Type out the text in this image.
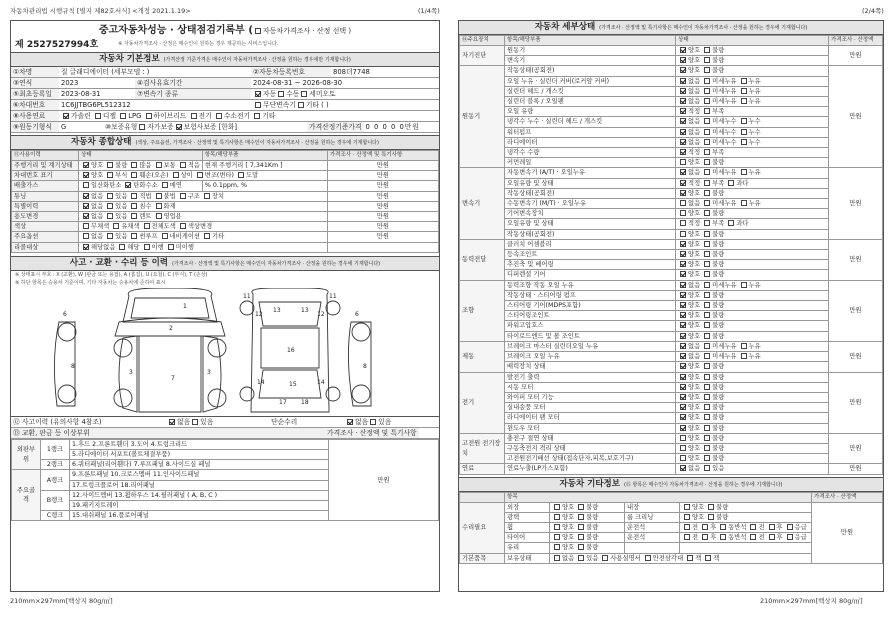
자동차관리법 시행규칙 [별지 제82호서식] <개정 2021.1.19>	(1/4쪽)	(2/4쪽)
중고자동차성능 · 상태점검기록부 ( 자동차가격조사 · 산정 선택 )
제 2527527994호	※ 자동차가격조사 · 산정은 매수인이 원하는 경우 제공하는 서비스입니다.
자동차 기본정보 (가격산정 기준가격은 매수인이 자동차가격조사 · 산정을 원하는 경우에만 기재합니다)
①차명	질 글래디에이터 (세부모델 : )	②자동차등록번호	808더7748
③연식	2023	④검사유효기간	2024-08-31 ~ 2026-08-30
⑤최초등록일	2023-08-31	⑦변속기 종류	자동 수동 세미오토
⑥차대번호	1C6JJTBG6PL512312	무단변속기 기타 ( )
⑧사용연료	가솔린 디젤 LPG 하이브리드 전기 수소전기 기타
⑨원동기형식	G	⑩보증유형 자가보증 보험사보증 [한화]	가격산정기준가격 0 0 0 0 0만원
자동차 종합상태 (색상, 주요옵션, 가격조사 · 산정액 및 특기사항은 매수인이 자동차가격조사 · 산정을 원하는 경우에 기재합니다)
⑪사용이력	상태	항목/해당부품	가격조사 · 산정액 및 특기사항
주행거리 및 계기상태	양호 불량 많음 보통 적음	현재 주행거리 [ 7,341Km ]	만원
차대번호 표기	양호 부식 훼손(오손) 상이 변조(변타) 도말		만원
배출가스	일산화탄소 탄화수소 매연	% 0.1ppm, %	만원
튜닝	없음 있음 적법 불법 구조 장치		만원
특별이력	없음 있음 침수 화재		만원
용도변경	없음 있음 렌트 영업용		만원
색상	무채색 유채색 전체도색 색상변경		만원
주요옵션	없음 있음 썬루프 네비게이션 기타		만원
리콜대상	해당없음 해당 이행 미이행		
사고 · 교환 · 수리 등 이력 (가격조사 · 산정액 및 특기사항은 매수인이 자동차가격조사 · 산정을 원하는 경우에 기재합니다)
※ 상태표시 부호 : X (교환), W (판금 또는 용접), A (흠집), U (요철), C (부식), T (손상)
※ 하단 항목은 승용차 기준이며, 기타 자동차는 승용차에 준하여 표시
1
2
7
3	3
11	11
12	12
13	13
16
15
17 18
14	14
8
8
6
6
⑫ 사고이력 (유의사항 4참조)	없음 있음	단순수리	없음 있음
⑬ 교환, 판금 등 이상부위	가격조사 · 산정액 및 특기사항
외판부위	1랭크	1.후드 2.프론트휀더 3.도어 4.트렁크리드	만원
		5.라디에이터 서포트(볼트체결부품)	
	2랭크	6.쿼터패널(리어휀다) 7.루프패널 8.사이드실 패널	
주요골격	A랭크	9.프론트패널 10.크로스멤버 11.인사이드패널	
		17.트렁크플로어 18.리어패널	
	B랭크	12.사이드멤버 13.휠하우스 14.필러패널 ( A, B, C )	
		19.패키지트레이	
	C랭크	15.대쉬패널 16.플로어패널	
자동차 세부상태 (가격조사 · 산정액 및 특기사항은 매수인이 자동차가격조사 · 산정을 원하는 경우에 기재합니다)
⑭주요장치	항목/해당부품	상태	가격조사 · 산정액
자기진단	원동기	양호 불량	만원
	변속기	양호 불량	
원동기	작동상태(공회전)	양호 불량	만원
	오일 누유 · 실린더 커버(로커암 커버)	없음 미세누유 누유	
	실린더 헤드 / 개스킷	없음 미세누유 누유	
	실린더 블록 / 오일팬	없음 미세누유 누유	
	오일 유량	적정 부족	
	냉각수 누수 · 실린더 헤드 / 개스킷	없음 미세누수 누수	
	워터펌프	없음 미세누수 누수	
	라디에이터	없음 미세누수 누수	
	냉각수 수량	적정 부족	
	커먼레일	양호 불량	
변속기	자동변속기 (A/T) · 오일누유	없음 미세누유 누유	만원
	오일유량 및 상태	적정 부족 과다	
	작동상태(공회전)	양호 불량	
	수동변속기 (M/T) · 오일누유	없음 미세누유 누유	
	기어변속장치	양호 불량	
	오일유량 및 상태	적정 부족 과다	
	작동상태(공회전)	양호 불량	
동력전달	클러치 어셈블리	양호 불량	만원
	등속조인트	양호 불량	
	추진축 및 베어링	양호 불량	
	디퍼렌셜 기어	양호 불량	
조향	동력조향 작동 오일 누유	없음 미세누유 누유	만원
	작동상태 · 스티어링 펌프	양호 불량	
	스티어링 기어(MDPS포함)	양호 불량	
	스티어링조인트	양호 불량	
	파워고압호스	양호 불량	
	타이로드엔드 및 볼 조인트	양호 불량	
제동	브레이크 마스터 실린더오일 누유	없음 미세누유 누유	만원
	브레이크 오일 누유	없음 미세누유 누유	
	배력장치 상태	양호 불량	
전기	발전기 출력	양호 불량	만원
	시동 모터	양호 불량	
	와이퍼 모터 기능	양호 불량	
	실내송풍 모터	양호 불량	
	라디에이터 팬 모터	양호 불량	
	윈도우 모터	양호 불량	
고전원 전기장치	충전구 절연 상태	양호 불량	만원
	구동축전지 격리 상태	양호 불량	
	고전원전기배선 상태(접속단자,피복,보호기구)	양호 불량	
연료	연료누출(LP가스포함)	없음 있음	만원
자동차 기타정보 (⑮ 항목은 매수인이 자동차가격조사 · 산정을 원하는 경우에 기재합니다)
	항목				가격조사 · 산정액
수리필요	외장	양호 불량	내장	양호 불량	만원
	광택	양호 불량	룸 크리닝	양호 불량	
	휠	양호 불량	운전석	전 후 동반석 전 후 응급	
	타이어	양호 불량	운전석	전 후 동반석 전 후 응급	
	유리	양호 불량			
기본품목	보유상태	없음 있음 사용설명서 안전삼각대 잭 잭			
210mm×297mm[백상지 80g/㎡]	210mm×297mm[백상지 80g/㎡]
